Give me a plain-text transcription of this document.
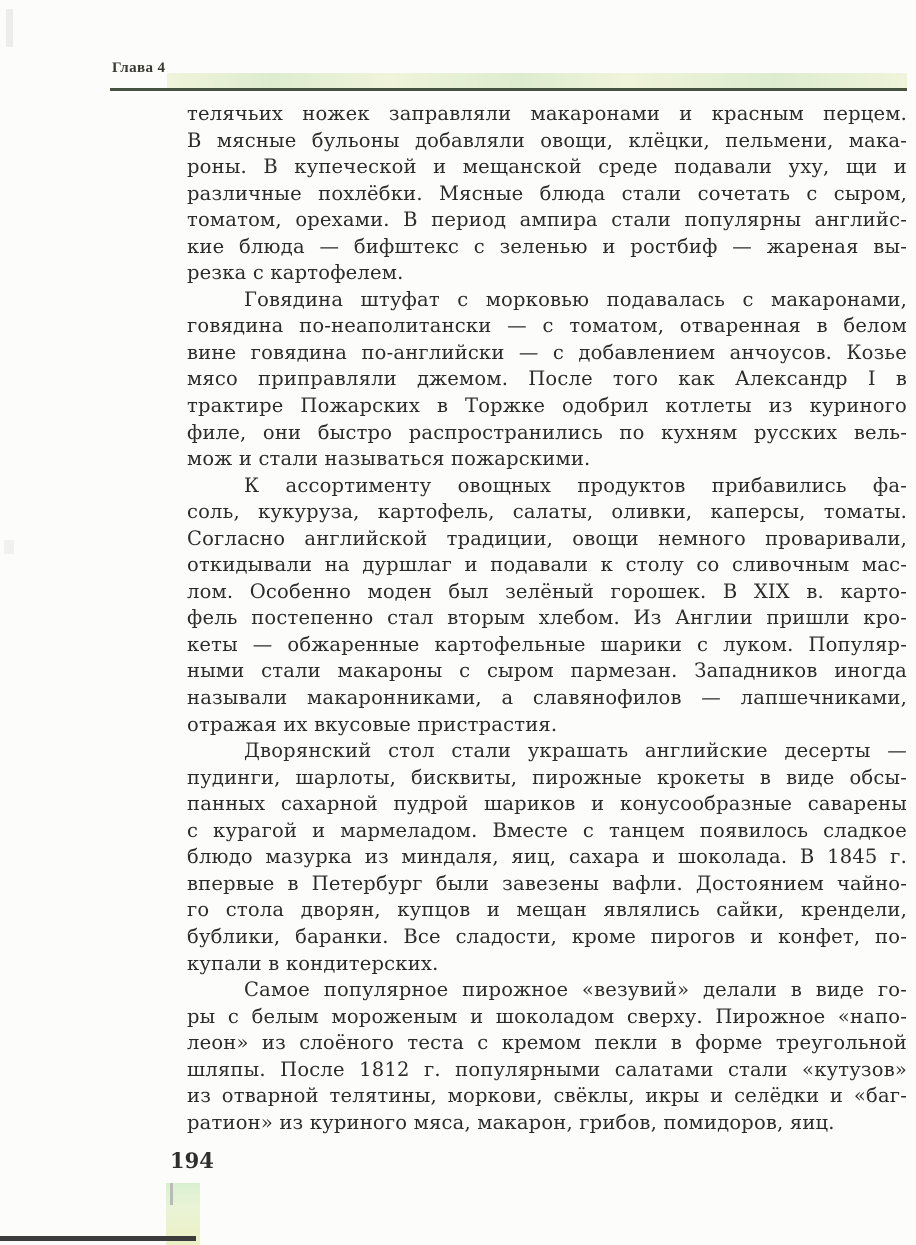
Глава 4
телячьих ножек заправляли макаронами и красным перцем.
В мясные бульоны добавляли овощи, клёцки, пельмени, мака-
роны. В купеческой и мещанской среде подавали уху, щи и
различные похлёбки. Мясные блюда стали сочетать с сыром,
томатом, орехами. В период ампира стали популярны английс-
кие блюда — бифштекс с зеленью и ростбиф — жареная вы-
резка с картофелем.
Говядина штуфат с морковью подавалась с макаронами,
говядина по-неаполитански — с томатом, отваренная в белом
вине говядина по-английски — с добавлением анчоусов. Козье
мясо приправляли джемом. После того как Александр I в
трактире Пожарских в Торжке одобрил котлеты из куриного
филе, они быстро распространились по кухням русских вель-
мож и стали называться пожарскими.
К ассортименту овощных продуктов прибавились фа-
соль, кукуруза, картофель, салаты, оливки, каперсы, томаты.
Согласно английской традиции, овощи немного проваривали,
откидывали на дуршлаг и подавали к столу со сливочным мас-
лом. Особенно моден был зелёный горошек. В XIX в. карто-
фель постепенно стал вторым хлебом. Из Англии пришли кро-
кеты — обжаренные картофельные шарики с луком. Популяр-
ными стали макароны с сыром пармезан. Западников иногда
называли макаронниками, а славянофилов — лапшечниками,
отражая их вкусовые пристрастия.
Дворянский стол стали украшать английские десерты —
пудинги, шарлоты, бисквиты, пирожные крокеты в виде обсы-
панных сахарной пудрой шариков и конусообразные саварены
с курагой и мармеладом. Вместе с танцем появилось сладкое
блюдо мазурка из миндаля, яиц, сахара и шоколада. В 1845 г.
впервые в Петербург были завезены вафли. Достоянием чайно-
го стола дворян, купцов и мещан являлись сайки, крендели,
бублики, баранки. Все сладости, кроме пирогов и конфет, по-
купали в кондитерских.
Самое популярное пирожное «везувий» делали в виде го-
ры с белым мороженым и шоколадом сверху. Пирожное «напо-
леон» из слоёного теста с кремом пекли в форме треугольной
шляпы. После 1812 г. популярными салатами стали «кутузов»
из отварной телятины, моркови, свёклы, икры и селёдки и «баг-
ратион» из куриного мяса, макарон, грибов, помидоров, яиц.
194
